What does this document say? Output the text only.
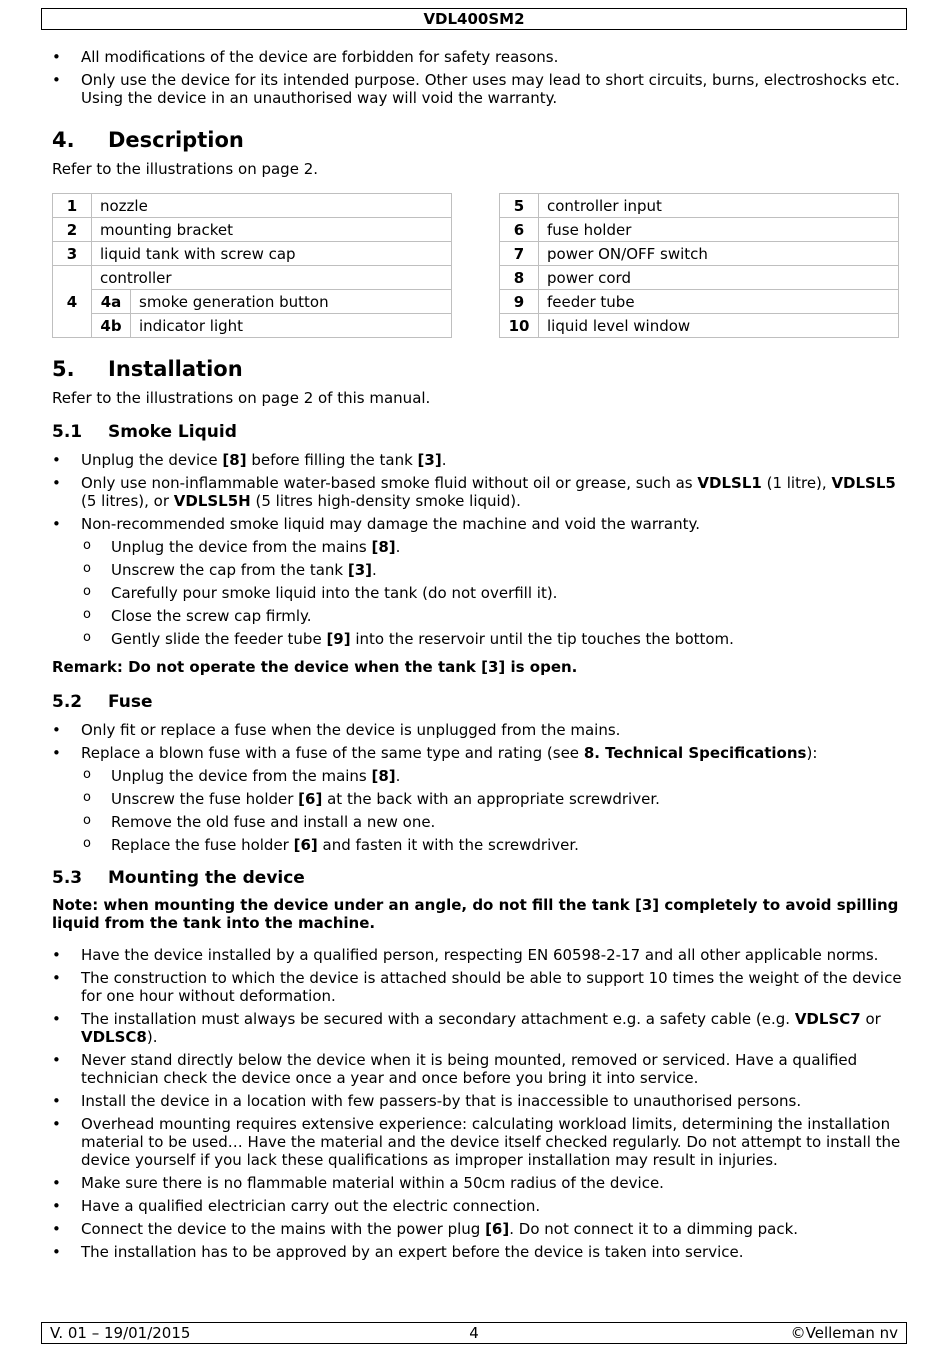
VDL400SM2
• All modifications of the device are forbidden for safety reasons.
• Only use the device for its intended purpose. Other uses may lead to short circuits, burns, electroshocks etc. Using the device in an unauthorised way will void the warranty.
4. Description

Refer to the illustrations on page 2.

1	nozzle	
2	mounting bracket	
3	liquid tank with screw cap	
4	controller	
	4a	smoke generation button
	4b	indicator light
5	controller input
6	fuse holder
7	power ON/OFF switch
8	power cord
9	feeder tube
10	liquid level window
5. Installation

Refer to the illustrations on page 2 of this manual.

5.1 Smoke Liquid
• Unplug the device [8] before filling the tank [3].
• Only use non-inflammable water-based smoke fluid without oil or grease, such as VDLSL1 (1 litre), VDLSL5 (5 litres), or VDLSL5H (5 litres high-density smoke liquid).
• Non-recommended smoke liquid may damage the machine and void the warranty.
o Unplug the device from the mains [8].
o Unscrew the cap from the tank [3].
o Carefully pour smoke liquid into the tank (do not overfill it).
o Close the screw cap firmly.
o Gently slide the feeder tube [9] into the reservoir until the tip touches the bottom.

Remark: Do not operate the device when the tank [3] is open.

5.2 Fuse
• Only fit or replace a fuse when the device is unplugged from the mains.
• Replace a blown fuse with a fuse of the same type and rating (see 8. Technical Specifications):
o Unplug the device from the mains [8].
o Unscrew the fuse holder [6] at the back with an appropriate screwdriver.
o Remove the old fuse and install a new one.
o Replace the fuse holder [6] and fasten it with the screwdriver.
5.3 Mounting the device

Note: when mounting the device under an angle, do not fill the tank [3] completely to avoid spilling liquid from the tank into the machine.

• Have the device installed by a qualified person, respecting EN 60598-2-17 and all other applicable norms.
• The construction to which the device is attached should be able to support 10 times the weight of the device for one hour without deformation.
• The installation must always be secured with a secondary attachment e.g. a safety cable (e.g. VDLSC7 or VDLSC8).
• Never stand directly below the device when it is being mounted, removed or serviced. Have a qualified technician check the device once a year and once before you bring it into service.
• Install the device in a location with few passers-by that is inaccessible to unauthorised persons.
• Overhead mounting requires extensive experience: calculating workload limits, determining the installation material to be used… Have the material and the device itself checked regularly. Do not attempt to install the device yourself if you lack these qualifications as improper installation may result in injuries.
• Make sure there is no flammable material within a 50cm radius of the device.
• Have a qualified electrician carry out the electric connection.
• Connect the device to the mains with the power plug [6]. Do not connect it to a dimming pack.
• The installation has to be approved by an expert before the device is taken into service.
V. 01 – 19/01/2015	4	©Velleman nv
